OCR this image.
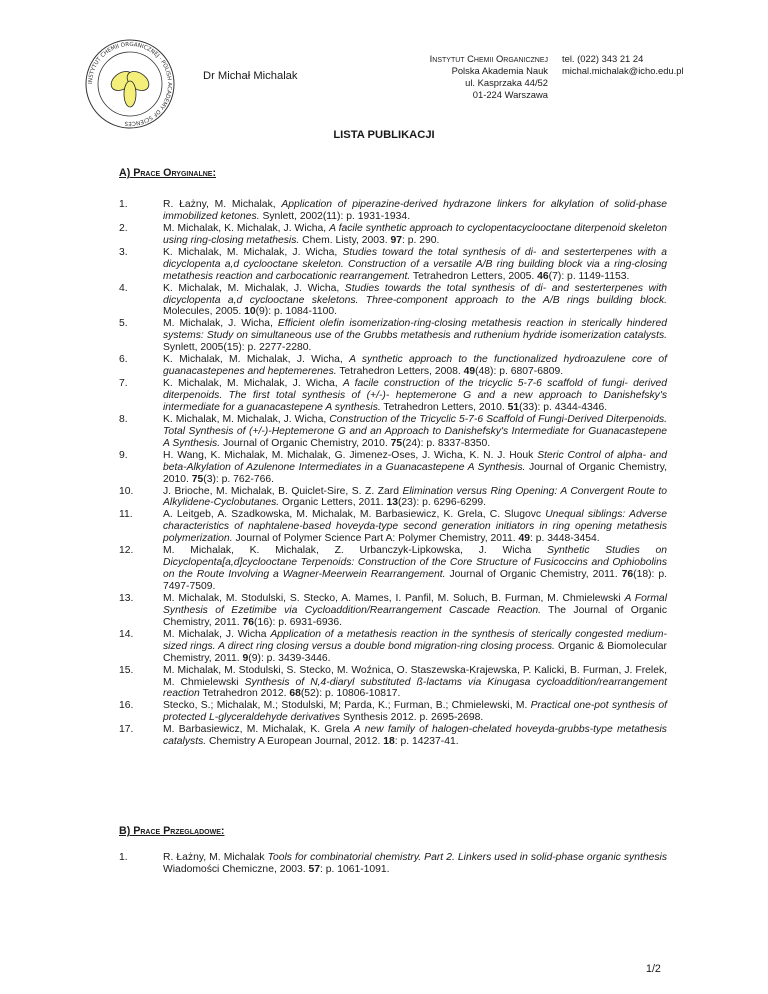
INSTYTUT CHEMII ORGANICZNEJ · POLISH ACADEMY OF SCIENCES
Dr Michał Michalak
Instytut Chemii Organicznej
Polska Akademia Nauk
ul. Kasprzaka 44/52
01-224 Warszawa
tel. (022) 343 21 24
michal.michalak@icho.edu.pl
LISTA PUBLIKACJI
A) Prace Oryginalne:
1.	R. Łażny, M. Michalak, Application of piperazine-derived hydrazone linkers for alkylation of solid-phase immobilized ketones. Synlett, 2002(11): p. 1931-1934.
2.	M. Michalak, K. Michalak, J. Wicha, A facile synthetic approach to cyclopentacyclooctane diterpenoid skeleton using ring-closing metathesis. Chem. Listy, 2003. 97: p. 290.
3.	K. Michalak, M. Michalak, J. Wicha, Studies toward the total synthesis of di- and sesterterpenes with a dicyclopenta a,d cyclooctane skeleton. Construction of a versatile A/B ring building block via a ring-closing metathesis reaction and carbocationic rearrangement. Tetrahedron Letters, 2005. 46(7): p. 1149-1153.
4.	K. Michalak, M. Michalak, J. Wicha, Studies towards the total synthesis of di- and sesterterpenes with dicyclopenta a,d cyclooctane skeletons. Three-component approach to the A/B rings building block. Molecules, 2005. 10(9): p. 1084-1100.
5.	M. Michalak, J. Wicha, Efficient olefin isomerization-ring-closing metathesis reaction in sterically hindered systems: Study on simultaneous use of the Grubbs metathesis and ruthenium hydride isomerization catalysts. Synlett, 2005(15): p. 2277-2280.
6.	K. Michalak, M. Michalak, J. Wicha, A synthetic approach to the functionalized hydroazulene core of guanacastepenes and heptemerenes. Tetrahedron Letters, 2008. 49(48): p. 6807-6809.
7.	K. Michalak, M. Michalak, J. Wicha, A facile construction of the tricyclic 5-7-6 scaffold of fungi- derived diterpenoids. The first total synthesis of (+/-)- heptemerone G and a new approach to Danishefsky's intermediate for a guanacastepene A synthesis. Tetrahedron Letters, 2010. 51(33): p. 4344-4346.
8.	K. Michalak, M. Michalak, J. Wicha, Construction of the Tricyclic 5-7-6 Scaffold of Fungi-Derived Diterpenoids. Total Synthesis of (+/-)-Heptemerone G and an Approach to Danishefsky's Intermediate for Guanacastepene A Synthesis. Journal of Organic Chemistry, 2010. 75(24): p. 8337-8350.
9.	H. Wang, K. Michalak, M. Michalak, G. Jimenez-Oses, J. Wicha, K. N. J. Houk Steric Control of alpha- and beta-Alkylation of Azulenone Intermediates in a Guanacastepene A Synthesis. Journal of Organic Chemistry, 2010. 75(3): p. 762-766.
10.	J. Brioche, M. Michalak, B. Quiclet-Sire, S. Z. Zard Elimination versus Ring Opening: A Convergent Route to Alkylidene-Cyclobutanes. Organic Letters, 2011. 13(23): p. 6296-6299.
11.	A. Leitgeb, A. Szadkowska, M. Michalak, M. Barbasiewicz, K. Grela, C. Slugovc Unequal siblings: Adverse characteristics of naphtalene-based hoveyda-type second generation initiators in ring opening metathesis polymerization. Journal of Polymer Science Part A: Polymer Chemistry, 2011. 49: p. 3448-3454.
12.	M. Michalak, K. Michalak, Z. Urbanczyk-Lipkowska, J. Wicha Synthetic Studies on Dicyclopenta[a,d]cyclooctane Terpenoids: Construction of the Core Structure of Fusicoccins and Ophiobolins on the Route Involving a Wagner-Meerwein Rearrangement. Journal of Organic Chemistry, 2011. 76(18): p. 7497-7509.
13.	M. Michalak, M. Stodulski, S. Stecko, A. Mames, I. Panfil, M. Soluch, B. Furman, M. Chmielewski A Formal Synthesis of Ezetimibe via Cycloaddition/Rearrangement Cascade Reaction. The Journal of Organic Chemistry, 2011. 76(16): p. 6931-6936.
14.	M. Michalak, J. Wicha Application of a metathesis reaction in the synthesis of sterically congested medium-sized rings. A direct ring closing versus a double bond migration-ring closing process. Organic & Biomolecular Chemistry, 2011. 9(9): p. 3439-3446.
15.	M. Michalak, M. Stodulski, S. Stecko, M. Woźnica, O. Staszewska-Krajewska, P. Kalicki, B. Furman, J. Frelek, M. Chmielewski Synthesis of N,4-diaryl substituted ß-lactams via Kinugasa cycloaddition/rearrangement reaction Tetrahedron 2012. 68(52): p. 10806-10817.
16.	Stecko, S.; Michalak, M.; Stodulski, M; Parda, K.; Furman, B.; Chmielewski, M. Practical one-pot synthesis of protected L-glyceraldehyde derivatives Synthesis 2012. p. 2695-2698.
17.	M. Barbasiewicz, M. Michalak, K. Grela A new family of halogen-chelated hoveyda-grubbs-type metathesis catalysts. Chemistry A European Journal, 2012. 18: p. 14237-41.
B) Prace Przeglądowe:
1.	R. Łażny, M. Michalak Tools for combinatorial chemistry. Part 2. Linkers used in solid-phase organic synthesis Wiadomości Chemiczne, 2003. 57: p. 1061-1091.
1/2
